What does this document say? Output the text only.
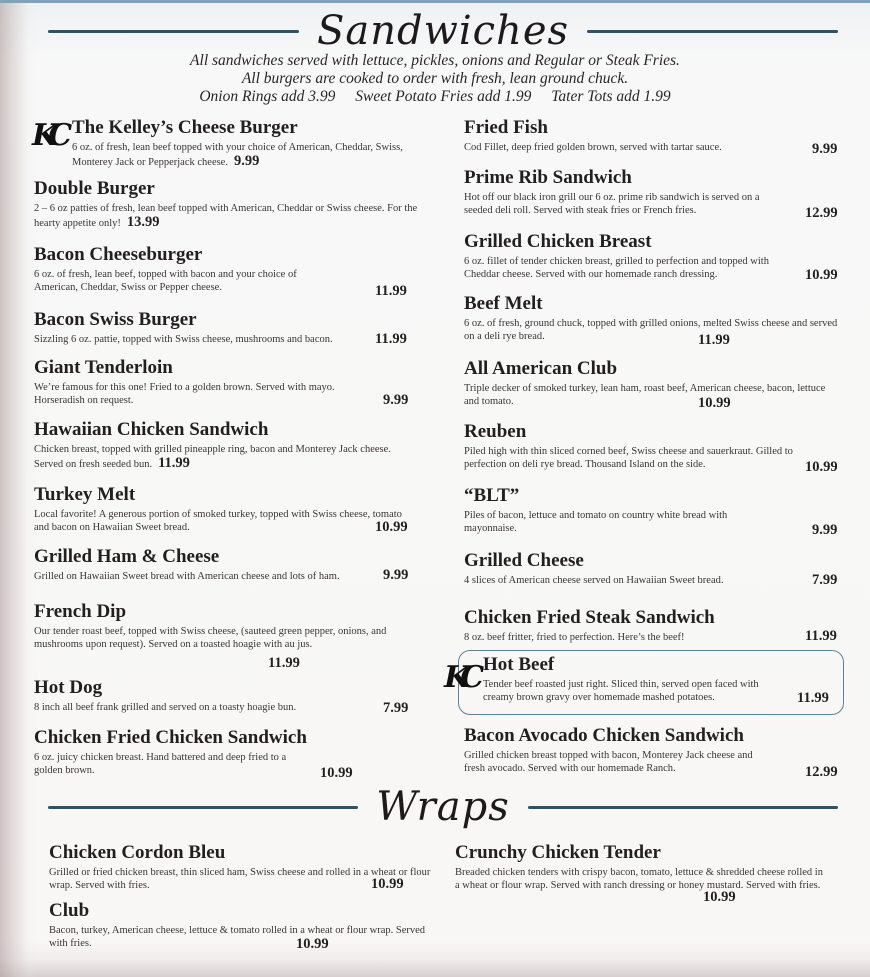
Sandwiches
All sandwiches served with lettuce, pickles, onions and Regular or Steak Fries.
All burgers are cooked to order with fresh, lean ground chuck.
Onion Rings add 3.99 Sweet Potato Fries add 1.99 Tater Tots add 1.99
KC The Kelley’s Cheese Burger
6 oz. of fresh, lean beef topped with your choice of American, Cheddar, Swiss, Monterey Jack or Pepperjack cheese. 9.99
Double Burger
2 – 6 oz patties of fresh, lean beef topped with American, Cheddar or Swiss cheese. For the hearty appetite only! 13.99
Bacon Cheeseburger
6 oz. of fresh, lean beef, topped with bacon and your choice of American, Cheddar, Swiss or Pepper cheese.	11.99
Bacon Swiss Burger
Sizzling 6 oz. pattie, topped with Swiss cheese, mushrooms and bacon.	11.99
Giant Tenderloin
We’re famous for this one! Fried to a golden brown. Served with mayo. Horseradish on request.	9.99
Hawaiian Chicken Sandwich
Chicken breast, topped with grilled pineapple ring, bacon and Monterey Jack cheese. Served on fresh seeded bun. 11.99
Turkey Melt
Local favorite! A generous portion of smoked turkey, topped with Swiss cheese, tomato and bacon on Hawaiian Sweet bread.	10.99
Grilled Ham & Cheese
Grilled on Hawaiian Sweet bread with American cheese and lots of ham.	9.99
French Dip
Our tender roast beef, topped with Swiss cheese, (sauteed green pepper, onions, and mushrooms upon request). Served on a toasted hoagie with au jus.
11.99
Hot Dog
8 inch all beef frank grilled and served on a toasty hoagie bun.	7.99
Chicken Fried Chicken Sandwich
6 oz. juicy chicken breast. Hand battered and deep fried to a golden brown.	10.99
Fried Fish
Cod Fillet, deep fried golden brown, served with tartar sauce.	9.99
Prime Rib Sandwich
Hot off our black iron grill our 6 oz. prime rib sandwich is served on a seeded deli roll. Served with steak fries or French fries.	12.99
Grilled Chicken Breast
6 oz. fillet of tender chicken breast, grilled to perfection and topped with Cheddar cheese. Served with our homemade ranch dressing.	10.99
Beef Melt
6 oz. of fresh, ground chuck, topped with grilled onions, melted Swiss cheese and served on a deli rye bread.	11.99
All American Club
Triple decker of smoked turkey, lean ham, roast beef, American cheese, bacon, lettuce and tomato.	10.99
Reuben
Piled high with thin sliced corned beef, Swiss cheese and sauerkraut. Gilled to perfection on deli rye bread. Thousand Island on the side.	10.99
“BLT”
Piles of bacon, lettuce and tomato on country white bread with mayonnaise.	9.99
Grilled Cheese
4 slices of American cheese served on Hawaiian Sweet bread.	7.99
Chicken Fried Steak Sandwich
8 oz. beef fritter, fried to perfection. Here’s the beef!	11.99
KC Hot Beef
Tender beef roasted just right. Sliced thin, served open faced with creamy brown gravy over homemade mashed potatoes.	11.99
Bacon Avocado Chicken Sandwich
Grilled chicken breast topped with bacon, Monterey Jack cheese and fresh avocado. Served with our homemade Ranch.	12.99
Wraps
Chicken Cordon Bleu
Grilled or fried chicken breast, thin sliced ham, Swiss cheese and rolled in a wheat or flour wrap. Served with fries.	10.99
Club
Bacon, turkey, American cheese, lettuce & tomato rolled in a wheat or flour wrap. Served with fries.	10.99
Crunchy Chicken Tender
Breaded chicken tenders with crispy bacon, tomato, lettuce & shredded cheese rolled in a wheat or flour wrap. Served with ranch dressing or honey mustard. Served with fries.
10.99
